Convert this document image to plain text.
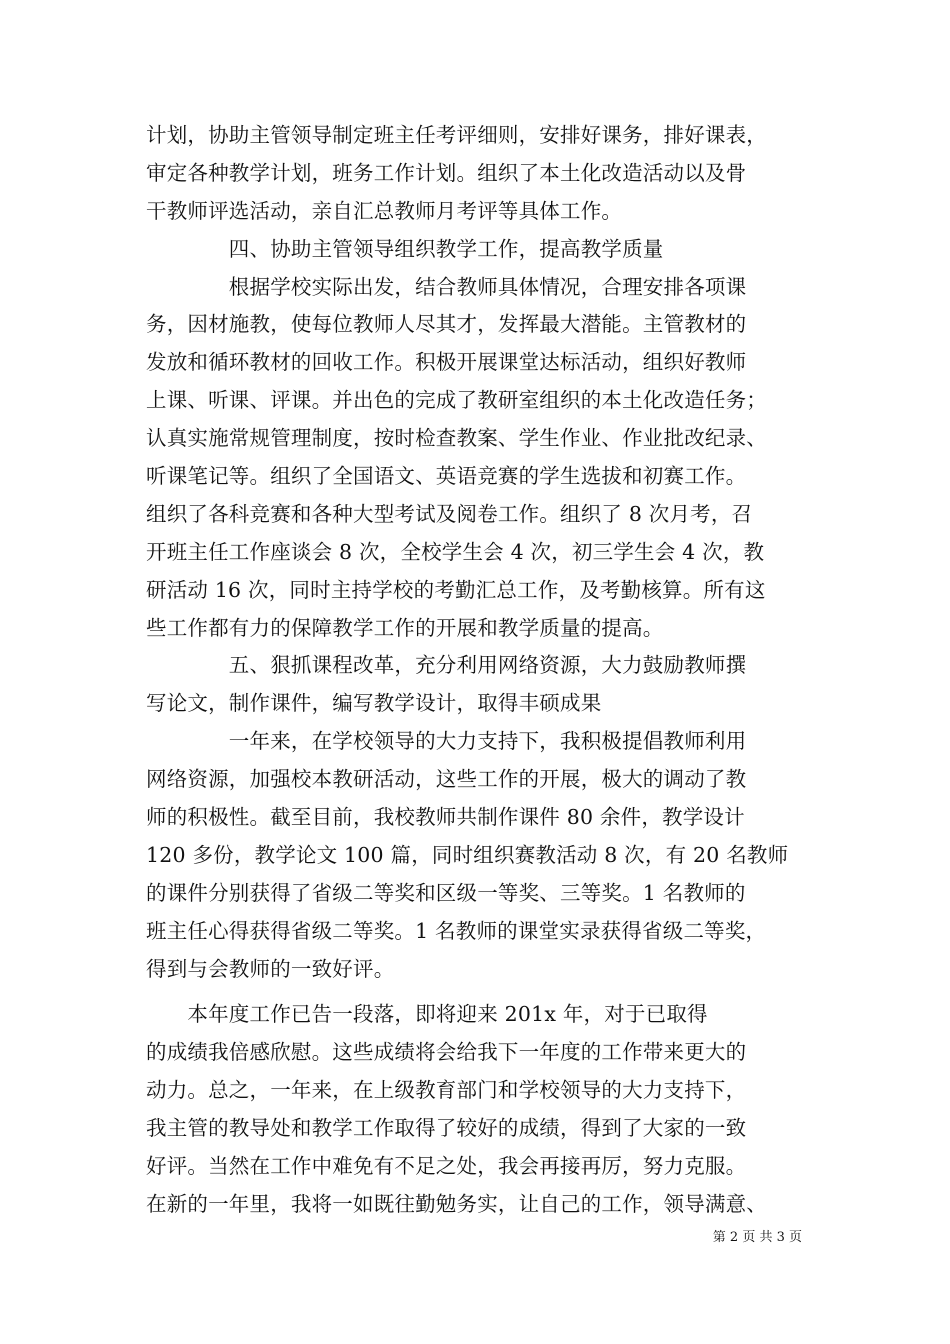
计划，协助主管领导制定班主任考评细则，安排好课务，排好课表，
审定各种教学计划，班务工作计划。组织了本土化改造活动以及骨
干教师评选活动，亲自汇总教师月考评等具体工作。
　　　　四、协助主管领导组织教学工作，提高教学质量
　　　　根据学校实际出发，结合教师具体情况，合理安排各项课
务，因材施教，使每位教师人尽其才，发挥最大潜能。主管教材的
发放和循环教材的回收工作。积极开展课堂达标活动，组织好教师
上课、听课、评课。并出色的完成了教研室组织的本土化改造任务；
认真实施常规管理制度，按时检查教案、学生作业、作业批改纪录、
听课笔记等。组织了全国语文、英语竞赛的学生选拔和初赛工作。
组织了各科竞赛和各种大型考试及阅卷工作。组织了 8 次月考，召
开班主任工作座谈会 8 次，全校学生会 4 次，初三学生会 4 次，教
研活动 16 次，同时主持学校的考勤汇总工作，及考勤核算。所有这
些工作都有力的保障教学工作的开展和教学质量的提高。
　　　　五、狠抓课程改革，充分利用网络资源，大力鼓励教师撰
写论文，制作课件，编写教学设计，取得丰硕成果
　　　　一年来，在学校领导的大力支持下，我积极提倡教师利用
网络资源，加强校本教研活动，这些工作的开展，极大的调动了教
师的积极性。截至目前，我校教师共制作课件 80 余件，教学设计
120 多份，教学论文 100 篇，同时组织赛教活动 8 次，有 20 名教师
的课件分别获得了省级二等奖和区级一等奖、三等奖。1 名教师的
班主任心得获得省级二等奖。1 名教师的课堂实录获得省级二等奖，
得到与会教师的一致好评。
　　本年度工作已告一段落，即将迎来 201x 年，对于已取得
的成绩我倍感欣慰。这些成绩将会给我下一年度的工作带来更大的
动力。总之，一年来，在上级教育部门和学校领导的大力支持下，
我主管的教导处和教学工作取得了较好的成绩，得到了大家的一致
好评。当然在工作中难免有不足之处，我会再接再厉，努力克服。
在新的一年里，我将一如既往勤勉务实，让自己的工作，领导满意、
第 2 页 共 3 页
